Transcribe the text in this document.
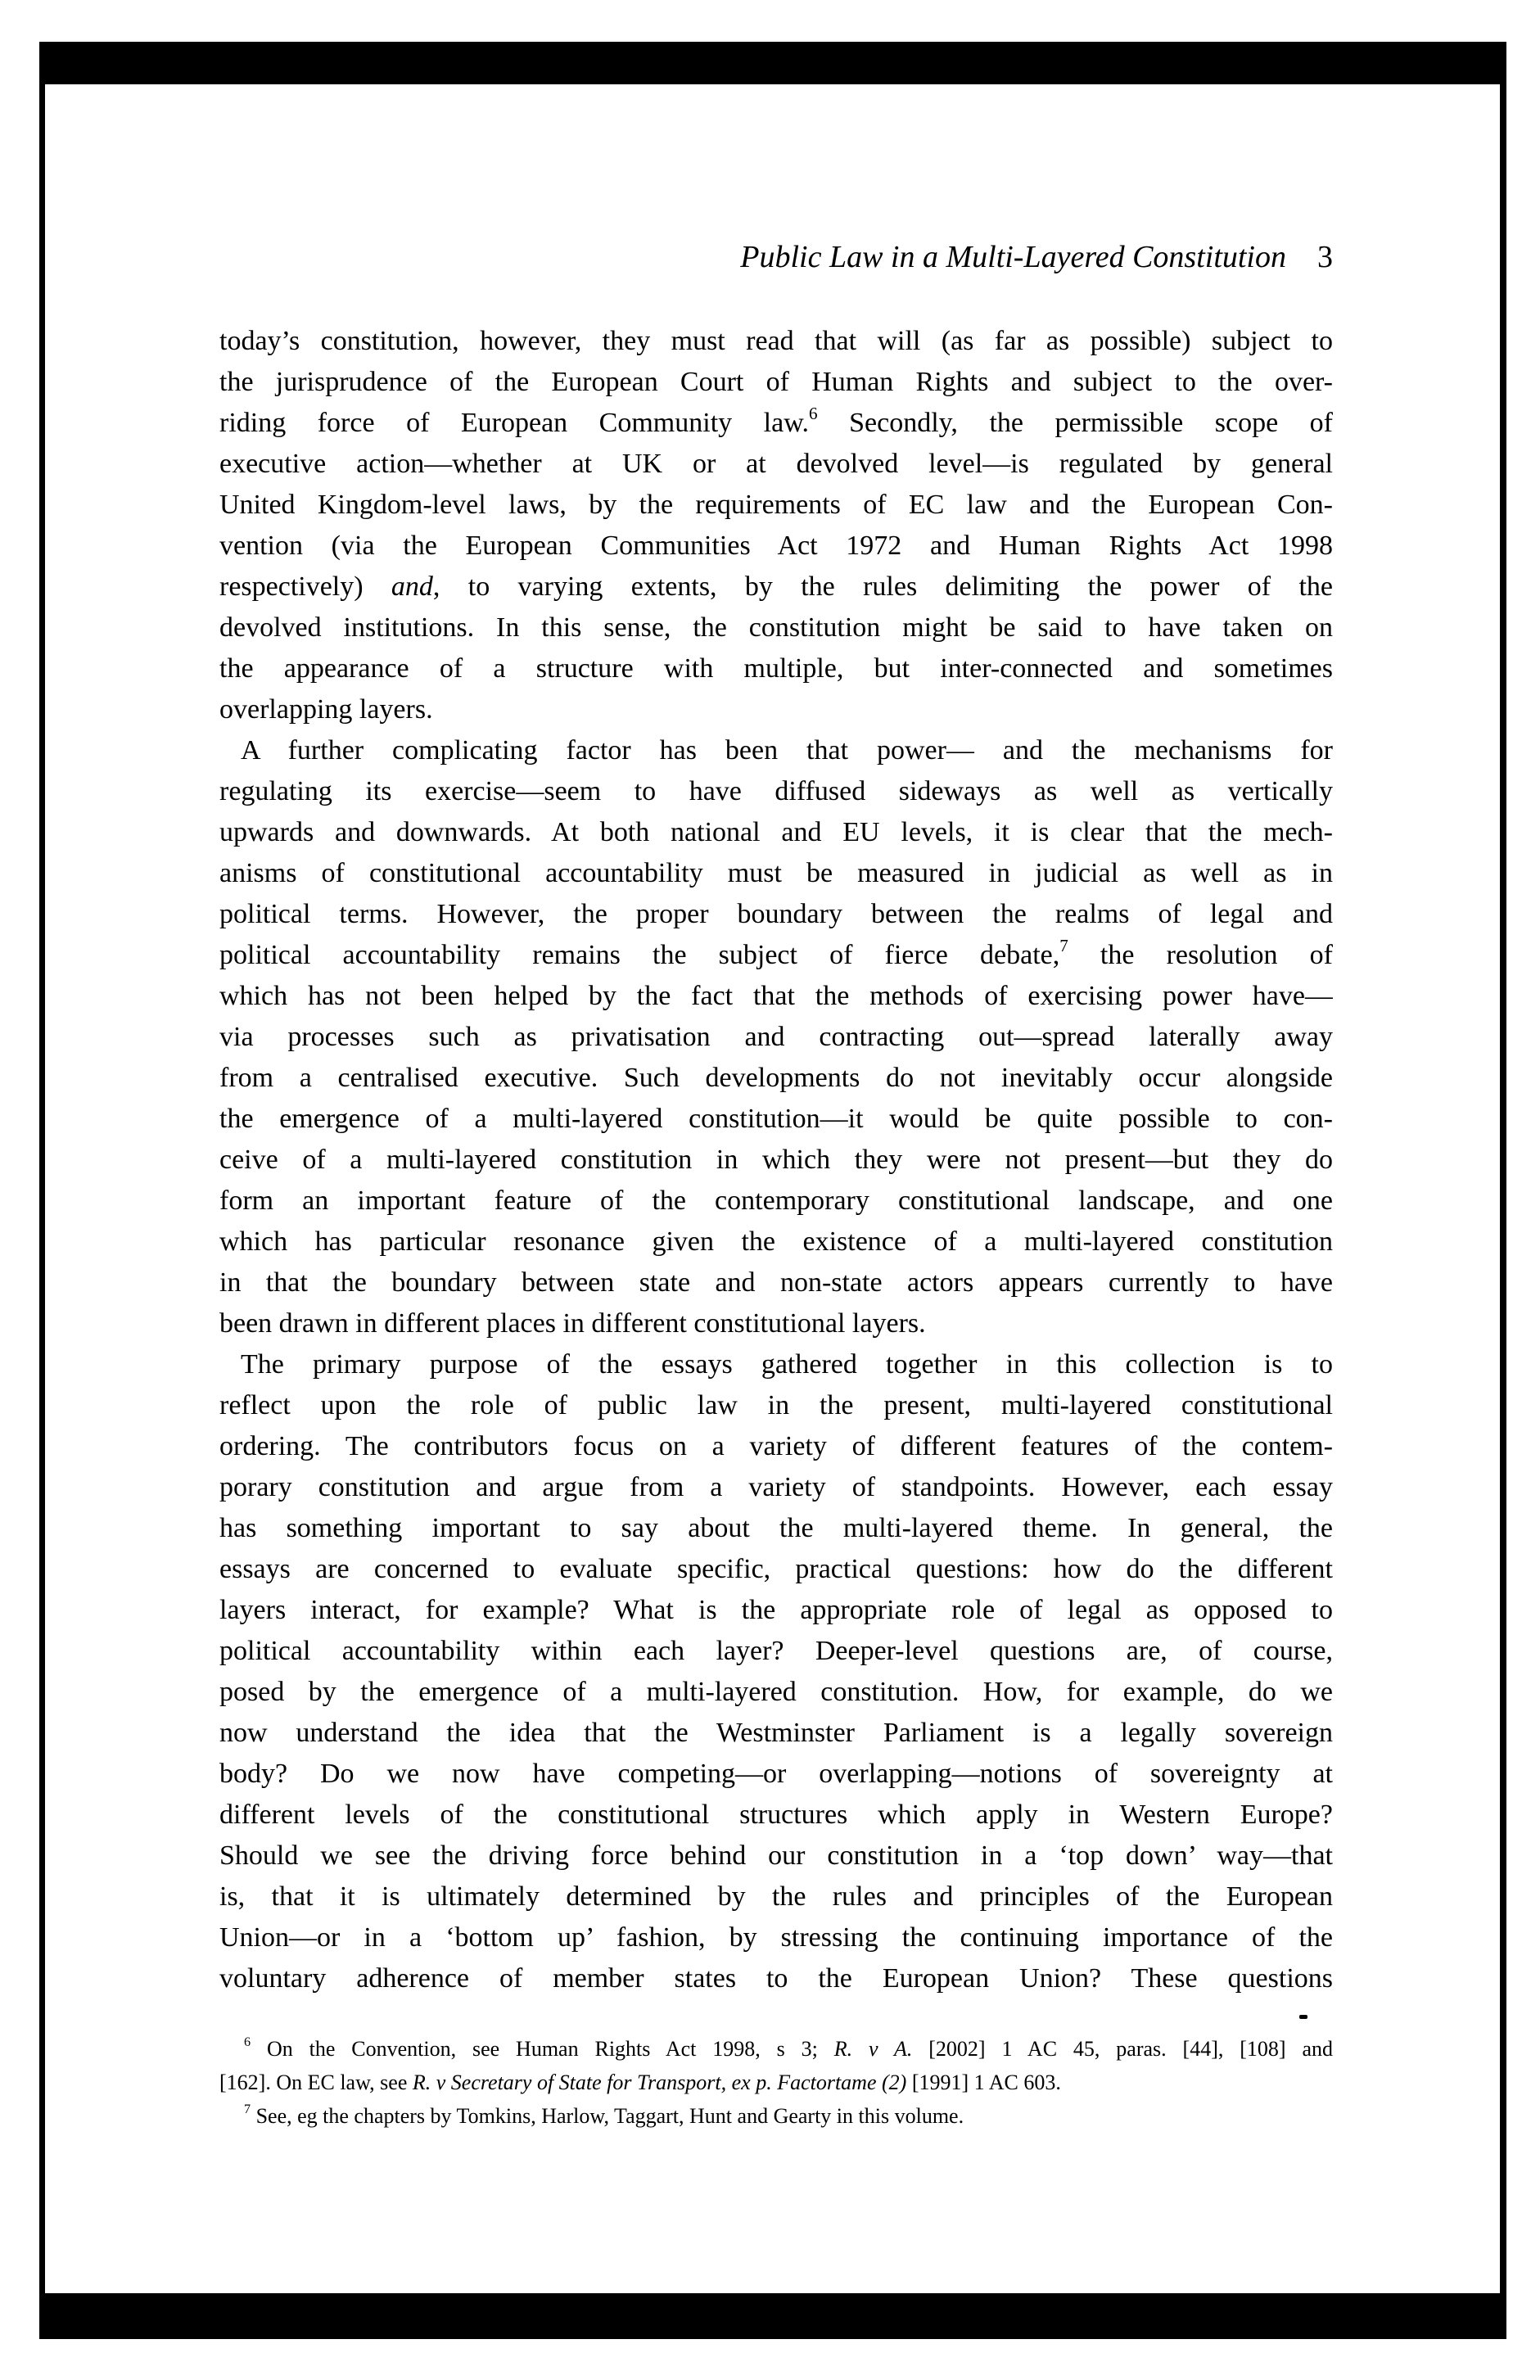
Public Law in a Multi-Layered Constitution 3
today’s constitution, however, they must read that will (as far as possible) subject to
the jurisprudence of the European Court of Human Rights and subject to the over-
riding force of European Community law.$^6$ Secondly, the permissible scope of
executive action—whether at UK or at devolved level—is regulated by general
United Kingdom-level laws, by the requirements of EC law and the European Con-
vention (via the European Communities Act 1972 and Human Rights Act 1998
respectively) and, to varying extents, by the rules delimiting the power of the
devolved institutions. In this sense, the constitution might be said to have taken on
the appearance of a structure with multiple, but inter-connected and sometimes
overlapping layers.
A further complicating factor has been that power— and the mechanisms for
regulating its exercise—seem to have diffused sideways as well as vertically
upwards and downwards. At both national and EU levels, it is clear that the mech-
anisms of constitutional accountability must be measured in judicial as well as in
political terms. However, the proper boundary between the realms of legal and
political accountability remains the subject of fierce debate,$^7$ the resolution of
which has not been helped by the fact that the methods of exercising power have—
via processes such as privatisation and contracting out—spread laterally away
from a centralised executive. Such developments do not inevitably occur alongside
the emergence of a multi-layered constitution—it would be quite possible to con-
ceive of a multi-layered constitution in which they were not present—but they do
form an important feature of the contemporary constitutional landscape, and one
which has particular resonance given the existence of a multi-layered constitution
in that the boundary between state and non-state actors appears currently to have
been drawn in different places in different constitutional layers.
The primary purpose of the essays gathered together in this collection is to
reflect upon the role of public law in the present, multi-layered constitutional
ordering. The contributors focus on a variety of different features of the contem-
porary constitution and argue from a variety of standpoints. However, each essay
has something important to say about the multi-layered theme. In general, the
essays are concerned to evaluate specific, practical questions: how do the different
layers interact, for example? What is the appropriate role of legal as opposed to
political accountability within each layer? Deeper-level questions are, of course,
posed by the emergence of a multi-layered constitution. How, for example, do we
now understand the idea that the Westminster Parliament is a legally sovereign
body? Do we now have competing—or overlapping—notions of sovereignty at
different levels of the constitutional structures which apply in Western Europe?
Should we see the driving force behind our constitution in a ‘top down’ way—that
is, that it is ultimately determined by the rules and principles of the European
Union—or in a ‘bottom up’ fashion, by stressing the continuing importance of the
voluntary adherence of member states to the European Union? These questions
$^6$ On the Convention, see Human Rights Act 1998, s 3; R. v A. [2002] 1 AC 45, paras. [44], [108] and
[162]. On EC law, see R. v Secretary of State for Transport, ex p. Factortame (2) [1991] 1 AC 603.
$^7$ See, eg the chapters by Tomkins, Harlow, Taggart, Hunt and Gearty in this volume.
